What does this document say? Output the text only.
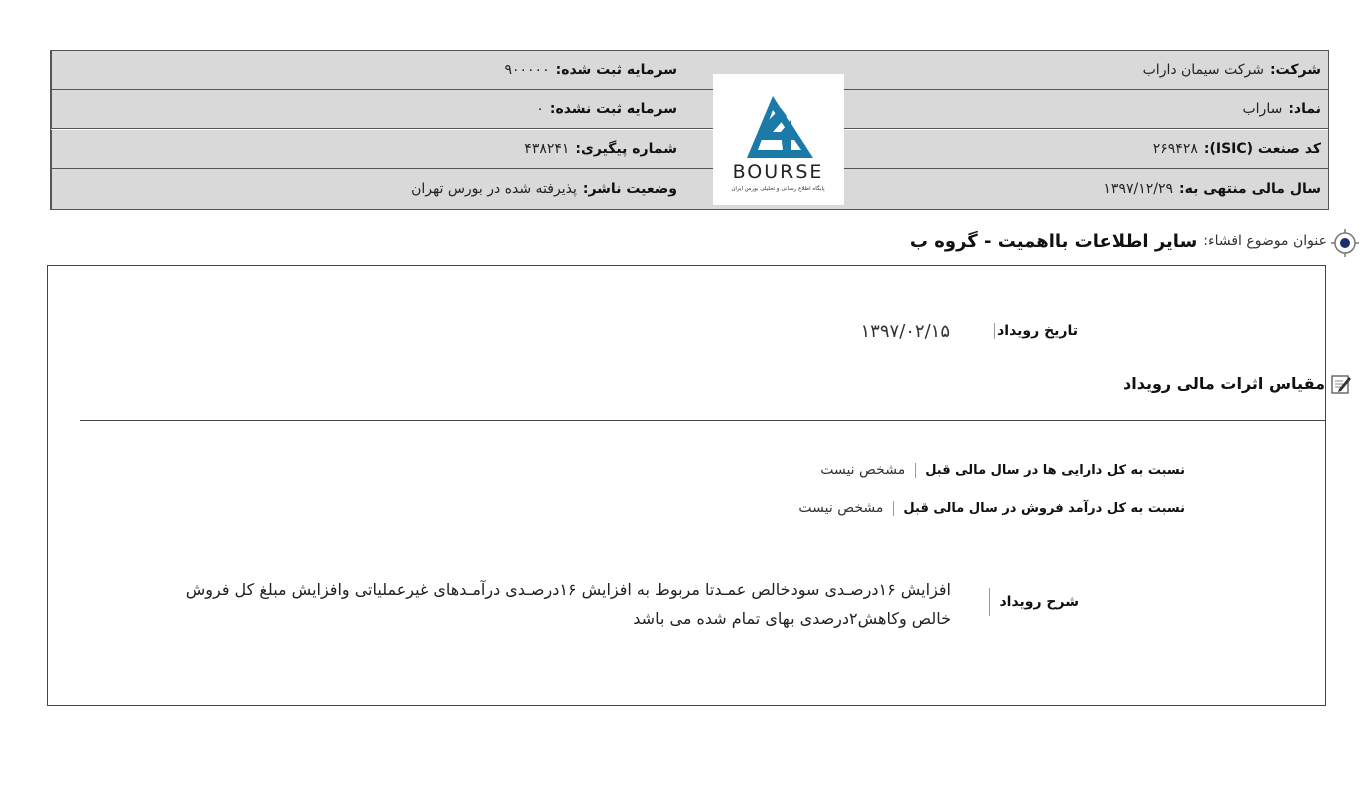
شرکت:
شرکت سیمان داراب
نماد:
ساراب
کد صنعت (ISIC):
۲۶۹۴۲۸
سال مالی منتهی به:
۱۳۹۷/۱۲/۲۹
سرمایه ثبت شده:
۹۰۰۰۰۰
سرمایه ثبت نشده:
۰
شماره پیگیری:
۴۳۸۲۴۱
وضعیت ناشر:
پذیرفته شده در بورس تهران
BOURSE
پایگاه اطلاع رسانی و تحلیلی بورس ایران
عنوان موضوع افشاء:
سایر اطلاعات بااهمیت - گروه ب
تاریخ رویداد
۱۳۹۷/۰۲/۱۵
مقیاس اثرات مالی رویداد
نسبت به کل دارایی ها در سال مالی قبل
مشخص نیست
نسبت به کل درآمد فروش در سال مالی قبل
مشخص نیست
شرح رویداد
افزایش ۱۶درصـدی سودخالص عمـدتا مربوط به افزایش ۱۶درصـدی درآمـدهای غیرعملیاتی وافزایش مبلغ کل فروش خالص وکاهش۲درصدی بهای تمام شده می باشد
